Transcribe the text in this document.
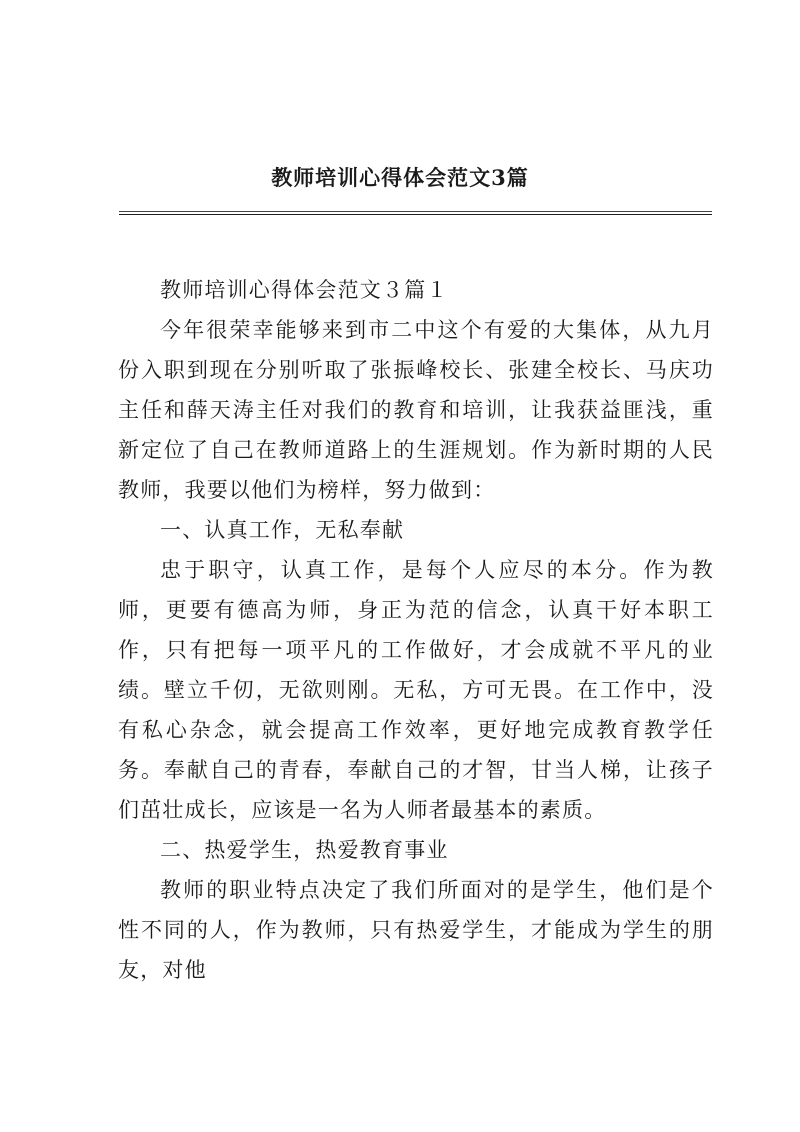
教师培训心得体会范文3篇

教师培训心得体会范文３篇１

今年很荣幸能够来到市二中这个有爱的大集体，从九月份入职到现在分别听取了张振峰校长、张建全校长、马庆功主任和薛天涛主任对我们的教育和培训，让我获益匪浅，重新定位了自己在教师道路上的生涯规划。作为新时期的人民教师，我要以他们为榜样，努力做到：

一、认真工作，无私奉献

忠于职守，认真工作，是每个人应尽的本分。作为教师，更要有德高为师，身正为范的信念，认真干好本职工作，只有把每一项平凡的工作做好，才会成就不平凡的业绩。壁立千仞，无欲则刚。无私，方可无畏。在工作中，没有私心杂念，就会提高工作效率，更好地完成教育教学任务。奉献自己的青春，奉献自己的才智，甘当人梯，让孩子们茁壮成长，应该是一名为人师者最基本的素质。

二、热爱学生，热爱教育事业

教师的职业特点决定了我们所面对的是学生，他们是个性不同的人，作为教师，只有热爱学生，才能成为学生的朋友，对他
